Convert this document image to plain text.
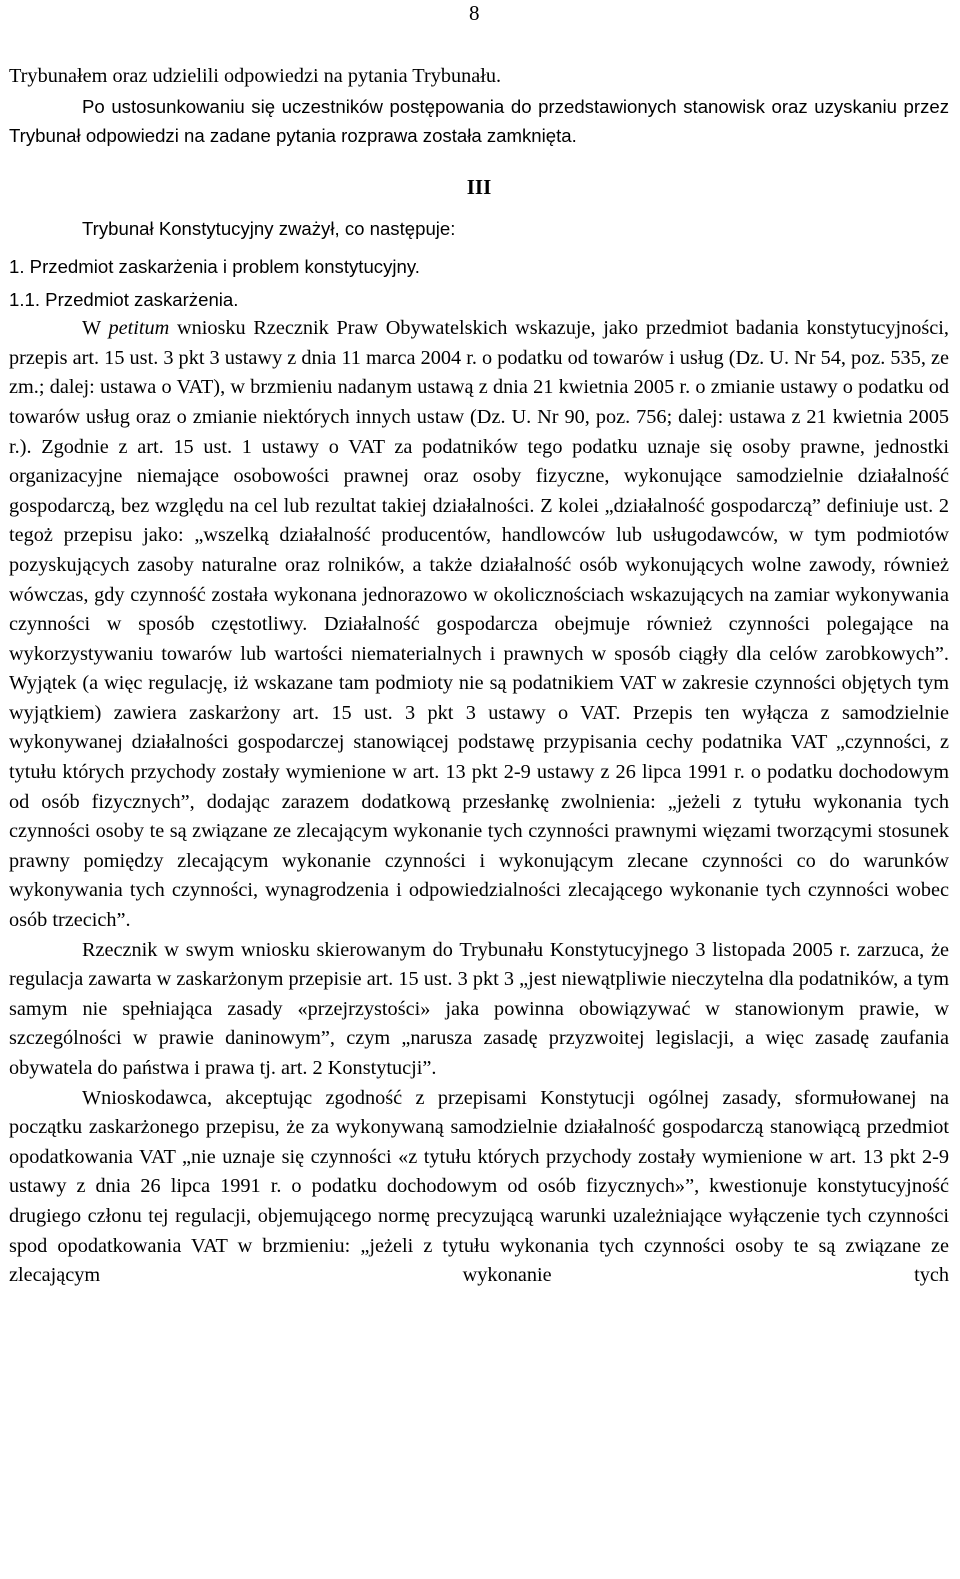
8

Trybunałem oraz udzielili odpowiedzi na pytania Trybunału.

Po ustosunkowaniu się uczestników postępowania do przedstawionych stanowisk oraz uzyskaniu przez Trybunał odpowiedzi na zadane pytania rozprawa została zamknięta.

III

Trybunał Konstytucyjny zważył, co następuje:

1. Przedmiot zaskarżenia i problem konstytucyjny.

1.1. Przedmiot zaskarżenia.

W petitum wniosku Rzecznik Praw Obywatelskich wskazuje, jako przedmiot badania konstytucyjności, przepis art. 15 ust. 3 pkt 3 ustawy z dnia 11 marca 2004 r. o podatku od towarów i usług (Dz. U. Nr 54, poz. 535, ze zm.; dalej: ustawa o VAT), w brzmieniu nadanym ustawą z dnia 21 kwietnia 2005 r. o zmianie ustawy o podatku od towarów usług oraz o zmianie niektórych innych ustaw (Dz. U. Nr 90, poz. 756; dalej: ustawa z 21 kwietnia 2005 r.). Zgodnie z art. 15 ust. 1 ustawy o VAT za podatników tego podatku uznaje się osoby prawne, jednostki organizacyjne niemające osobowości prawnej oraz osoby fizyczne, wykonujące samodzielnie działalność gospodarczą, bez względu na cel lub rezultat takiej działalności. Z kolei „działalność gospodarczą” definiuje ust. 2 tegoż przepisu jako: „wszelką działalność producentów, handlowców lub usługodawców, w tym podmiotów pozyskujących zasoby naturalne oraz rolników, a także działalność osób wykonujących wolne zawody, również wówczas, gdy czynność została wykonana jednorazowo w okolicznościach wskazujących na zamiar wykonywania czynności w sposób częstotliwy. Działalność gospodarcza obejmuje również czynności polegające na wykorzystywaniu towarów lub wartości niematerialnych i prawnych w sposób ciągły dla celów zarobkowych”. Wyjątek (a więc regulację, iż wskazane tam podmioty nie są podatnikiem VAT w zakresie czynności objętych tym wyjątkiem) zawiera zaskarżony art. 15 ust. 3 pkt 3 ustawy o VAT. Przepis ten wyłącza z samodzielnie wykonywanej działalności gospodarczej stanowiącej podstawę przypisania cechy podatnika VAT „czynności, z tytułu których przychody zostały wymienione w art. 13 pkt 2-9 ustawy z 26 lipca 1991 r. o podatku dochodowym od osób fizycznych”, dodając zarazem dodatkową przesłankę zwolnienia: „jeżeli z tytułu wykonania tych czynności osoby te są związane ze zlecającym wykonanie tych czynności prawnymi więzami tworzącymi stosunek prawny pomiędzy zlecającym wykonanie czynności i wykonującym zlecane czynności co do warunków wykonywania tych czynności, wynagrodzenia i odpowiedzialności zlecającego wykonanie tych czynności wobec osób trzecich”.

Rzecznik w swym wniosku skierowanym do Trybunału Konstytucyjnego 3 listopada 2005 r. zarzuca, że regulacja zawarta w zaskarżonym przepisie art. 15 ust. 3 pkt 3 „jest niewątpliwie nieczytelna dla podatników, a tym samym nie spełniająca zasady «przejrzystości» jaka powinna obowiązywać w stanowionym prawie, w szczególności w prawie daninowym”, czym „narusza zasadę przyzwoitej legislacji, a więc zasadę zaufania obywatela do państwa i prawa tj. art. 2 Konstytucji”.

Wnioskodawca, akceptując zgodność z przepisami Konstytucji ogólnej zasady, sformułowanej na początku zaskarżonego przepisu, że za wykonywaną samodzielnie działalność gospodarczą stanowiącą przedmiot opodatkowania VAT „nie uznaje się czynności «z tytułu których przychody zostały wymienione w art. 13 pkt 2-9 ustawy z dnia 26 lipca 1991 r. o podatku dochodowym od osób fizycznych»”, kwestionuje konstytucyjność drugiego członu tej regulacji, objemującego normę precyzującą warunki uzależniające wyłączenie tych czynności spod opodatkowania VAT w brzmieniu: „jeżeli z tytułu wykonania tych czynności osoby te są związane ze zlecającym wykonanie tych
